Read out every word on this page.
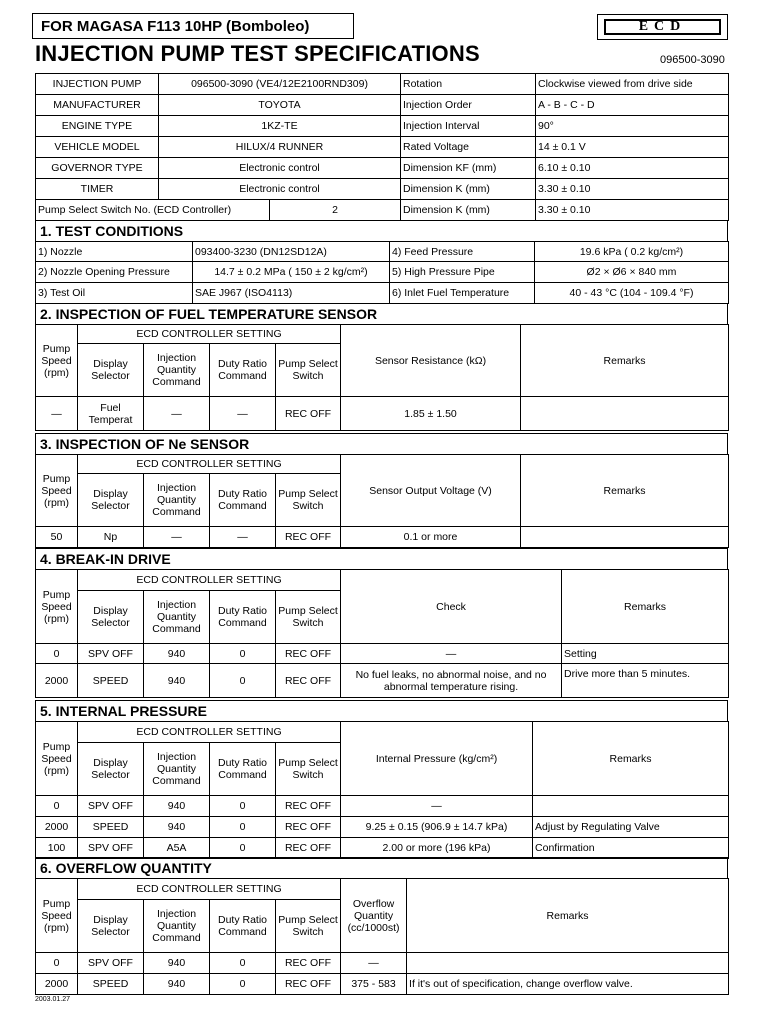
FOR MAGASA F113 10HP (Bomboleo)	ECD
INJECTION PUMP TEST SPECIFICATIONS	096500-3090
INJECTION PUMP	096500-3090 (VE4/12E2100RND309)		Rotation	Clockwise viewed from drive side
MANUFACTURER	TOYOTA		Injection Order	A - B - C - D
ENGINE TYPE	1KZ-TE		Injection Interval	90°
VEHICLE MODEL	HILUX/4 RUNNER		Rated Voltage	14 ± 0.1 V
GOVERNOR TYPE	Electronic control		Dimension KF (mm)	6.10 ± 0.10
TIMER	Electronic control		Dimension K (mm)	3.30 ± 0.10
Pump Select Switch No. (ECD Controller)		2	Dimension K (mm)	3.30 ± 0.10
1. TEST CONDITIONS
1) Nozzle	093400-3230 (DN12SD12A)	4) Feed Pressure	19.6 kPa ( 0.2 kg/cm²)
2) Nozzle Opening Pressure	14.7 ± 0.2 MPa ( 150 ± 2 kg/cm²)	5) High Pressure Pipe	Ø2 × Ø6 × 840 mm
3) Test Oil	SAE J967 (ISO4113)	6) Inlet Fuel Temperature	40 - 43 °C (104 - 109.4 °F)
2. INSPECTION OF FUEL TEMPERATURE SENSOR
Pump Speed (rpm)	ECD CONTROLLER SETTING				Sensor Resistance (kΩ)	Remarks
	Display Selector	Injection Quantity Command	Duty Ratio Command	Pump Select Switch		
—	Fuel Temperat	—	—	REC OFF	1.85 ± 1.50	
3. INSPECTION OF Ne SENSOR
Pump Speed (rpm)	ECD CONTROLLER SETTING				Sensor Output Voltage (V)	Remarks
	Display Selector	Injection Quantity Command	Duty Ratio Command	Pump Select Switch		
50	Np	—	—	REC OFF	0.1 or more	
4. BREAK-IN DRIVE
Pump Speed (rpm)	ECD CONTROLLER SETTING				Check	Remarks
	Display Selector	Injection Quantity Command	Duty Ratio Command	Pump Select Switch		
0	SPV OFF	940	0	REC OFF	—	Setting
2000	SPEED	940	0	REC OFF	No fuel leaks, no abnormal noise, and no abnormal temperature rising.	Drive more than 5 minutes.
5. INTERNAL PRESSURE
Pump Speed (rpm)	ECD CONTROLLER SETTING				Internal Pressure (kg/cm²)	Remarks
	Display Selector	Injection Quantity Command	Duty Ratio Command	Pump Select Switch		
0	SPV OFF	940	0	REC OFF	—	
2000	SPEED	940	0	REC OFF	9.25 ± 0.15 (906.9 ± 14.7 kPa)	Adjust by Regulating Valve
100	SPV OFF	A5A	0	REC OFF	2.00 or more (196 kPa)	Confirmation
6. OVERFLOW QUANTITY
Pump Speed (rpm)	ECD CONTROLLER SETTING				Overflow Quantity (cc/1000st)	Remarks
	Display Selector	Injection Quantity Command	Duty Ratio Command	Pump Select Switch		
0	SPV OFF	940	0	REC OFF	—	
2000	SPEED	940	0	REC OFF	375 - 583	If it's out of specification, change overflow valve.
2003.01.27
